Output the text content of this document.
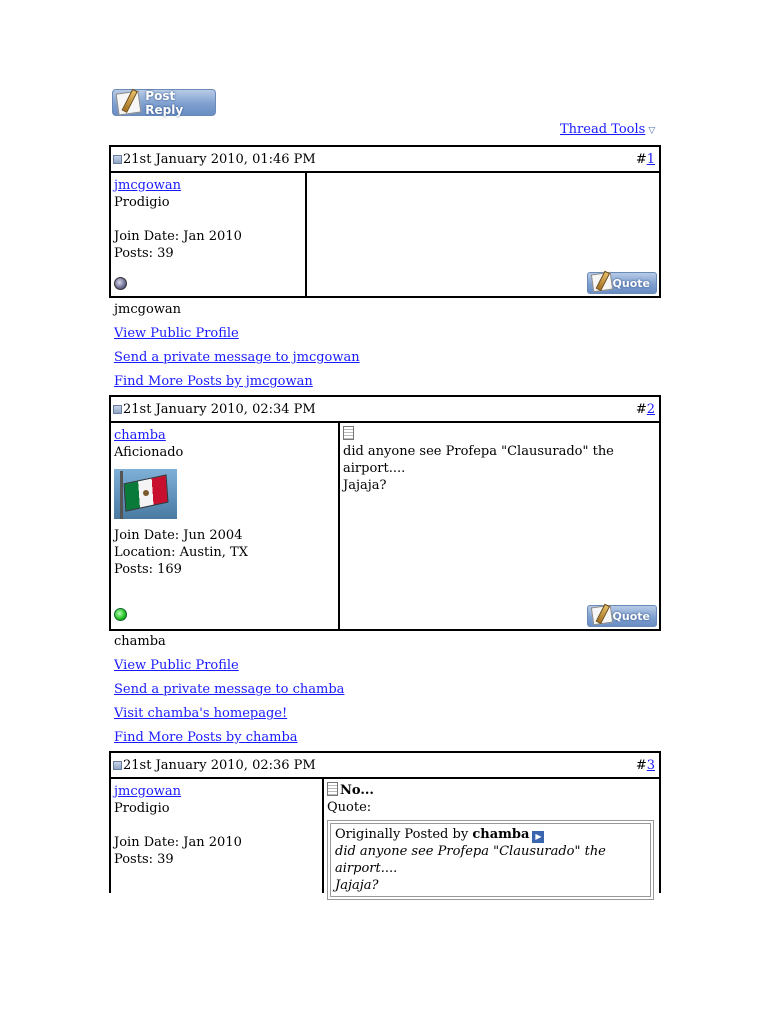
Post Reply
Thread Tools ▽
21st January 2010, 01:46 PM	#1
jmcgowan
Prodigio
Join Date: Jan 2010
Posts: 39
Quote
jmcgowan
View Public Profile
Send a private message to jmcgowan
Find More Posts by jmcgowan
21st January 2010, 02:34 PM	#2
chamba
Aficionado
Join Date: Jun 2004
Location: Austin, TX
Posts: 169
did anyone see Profepa "Clausurado" the airport....
Jajaja?
Quote
chamba
View Public Profile
Send a private message to chamba
Visit chamba's homepage!
Find More Posts by chamba
21st January 2010, 02:36 PM	#3
jmcgowan
Prodigio
Join Date: Jan 2010
Posts: 39
No...
Quote:
Originally Posted by chamba ▶
did anyone see Profepa "Clausurado" the airport....
Jajaja?
